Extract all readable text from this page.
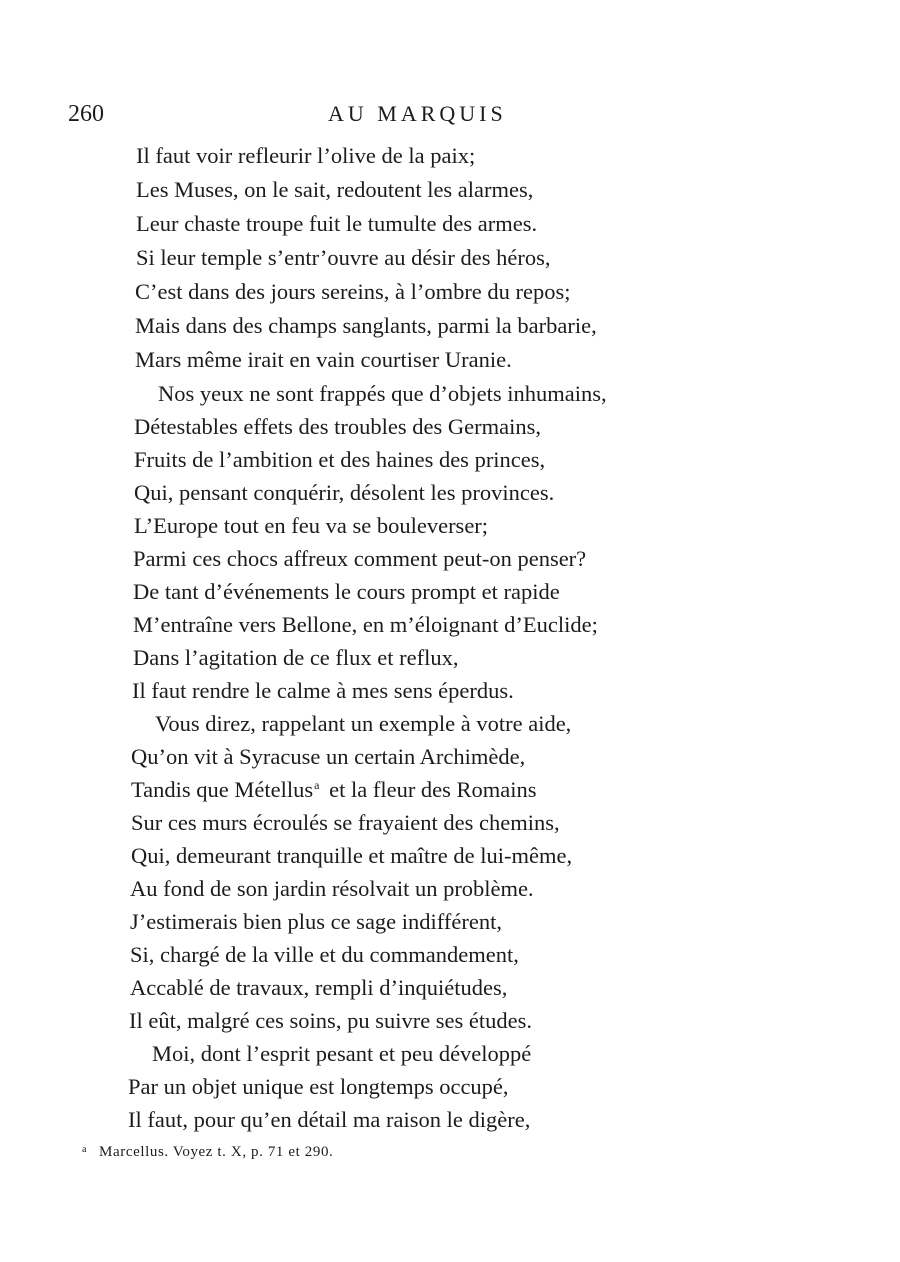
260	AU MARQUIS
Il faut voir refleurir l’olive de la paix;
Les Muses, on le sait, redoutent les alarmes,
Leur chaste troupe fuit le tumulte des armes.
Si leur temple s’entr’ouvre au désir des héros,
C’est dans des jours sereins, à l’ombre du repos;
Mais dans des champs sanglants, parmi la barbarie,
Mars même irait en vain courtiser Uranie.
Nos yeux ne sont frappés que d’objets inhumains,
Détestables effets des troubles des Germains,
Fruits de l’ambition et des haines des princes,
Qui, pensant conquérir, désolent les provinces.
L’Europe tout en feu va se bouleverser;
Parmi ces chocs affreux comment peut-on penser?
De tant d’événements le cours prompt et rapide
M’entraîne vers Bellone, en m’éloignant d’Euclide;
Dans l’agitation de ce flux et reflux,
Il faut rendre le calme à mes sens éperdus.
Vous direz, rappelant un exemple à votre aide,
Qu’on vit à Syracuse un certain Archimède,
Tandis que Métellus$^a$ et la fleur des Romains
Sur ces murs écroulés se frayaient des chemins,
Qui, demeurant tranquille et maître de lui-même,
Au fond de son jardin résolvait un problème.
J’estimerais bien plus ce sage indifférent,
Si, chargé de la ville et du commandement,
Accablé de travaux, rempli d’inquiétudes,
Il eût, malgré ces soins, pu suivre ses études.
Moi, dont l’esprit pesant et peu développé
Par un objet unique est longtemps occupé,
Il faut, pour qu’en détail ma raison le digère,
$^a$ Marcellus. Voyez t. X, p. 71 et 290.
